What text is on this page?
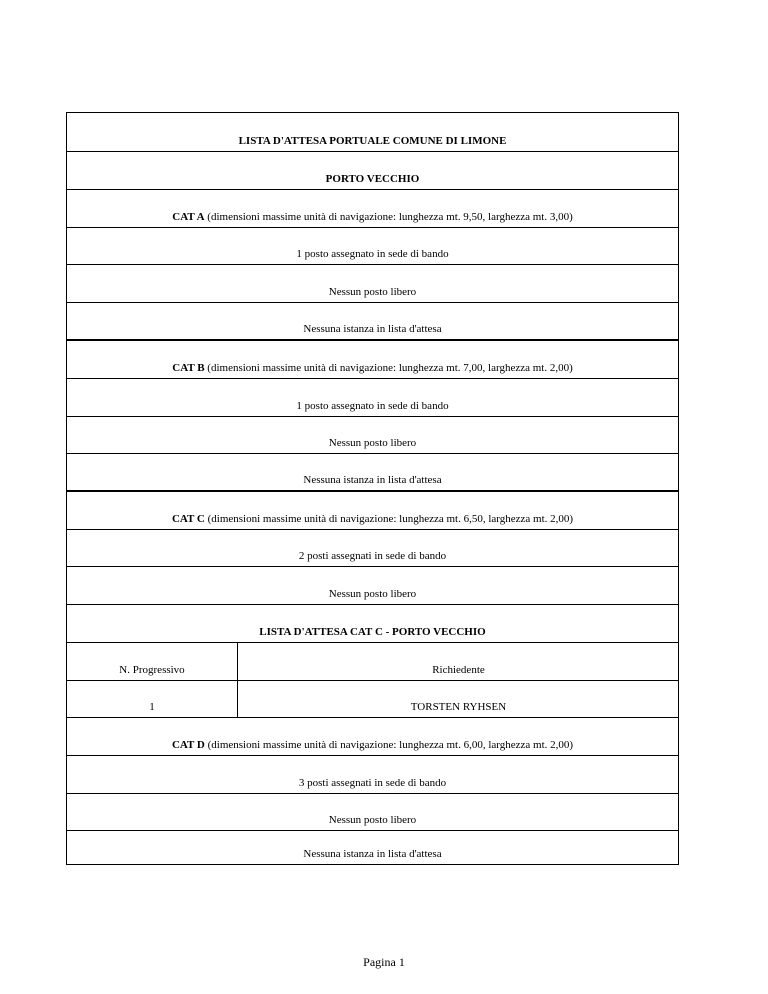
LISTA D'ATTESA PORTUALE COMUNE DI LIMONE
PORTO VECCHIO
CAT A (dimensioni massime unità di navigazione: lunghezza mt. 9,50, larghezza mt. 3,00)
1 posto assegnato in sede di bando
Nessun posto libero
Nessuna istanza in lista d'attesa
CAT B (dimensioni massime unità di navigazione: lunghezza mt. 7,00, larghezza mt. 2,00)
1 posto assegnato in sede di bando
Nessun posto libero
Nessuna istanza in lista d'attesa
CAT C (dimensioni massime unità di navigazione: lunghezza mt. 6,50, larghezza mt. 2,00)
2 posti assegnati in sede di bando
Nessun posto libero
LISTA D'ATTESA CAT C - PORTO VECCHIO
N. Progressivo	Richiedente
1	TORSTEN RYHSEN
CAT D (dimensioni massime unità di navigazione: lunghezza mt. 6,00, larghezza mt. 2,00)
3 posti assegnati in sede di bando
Nessun posto libero
Nessuna istanza in lista d'attesa
Pagina 1
